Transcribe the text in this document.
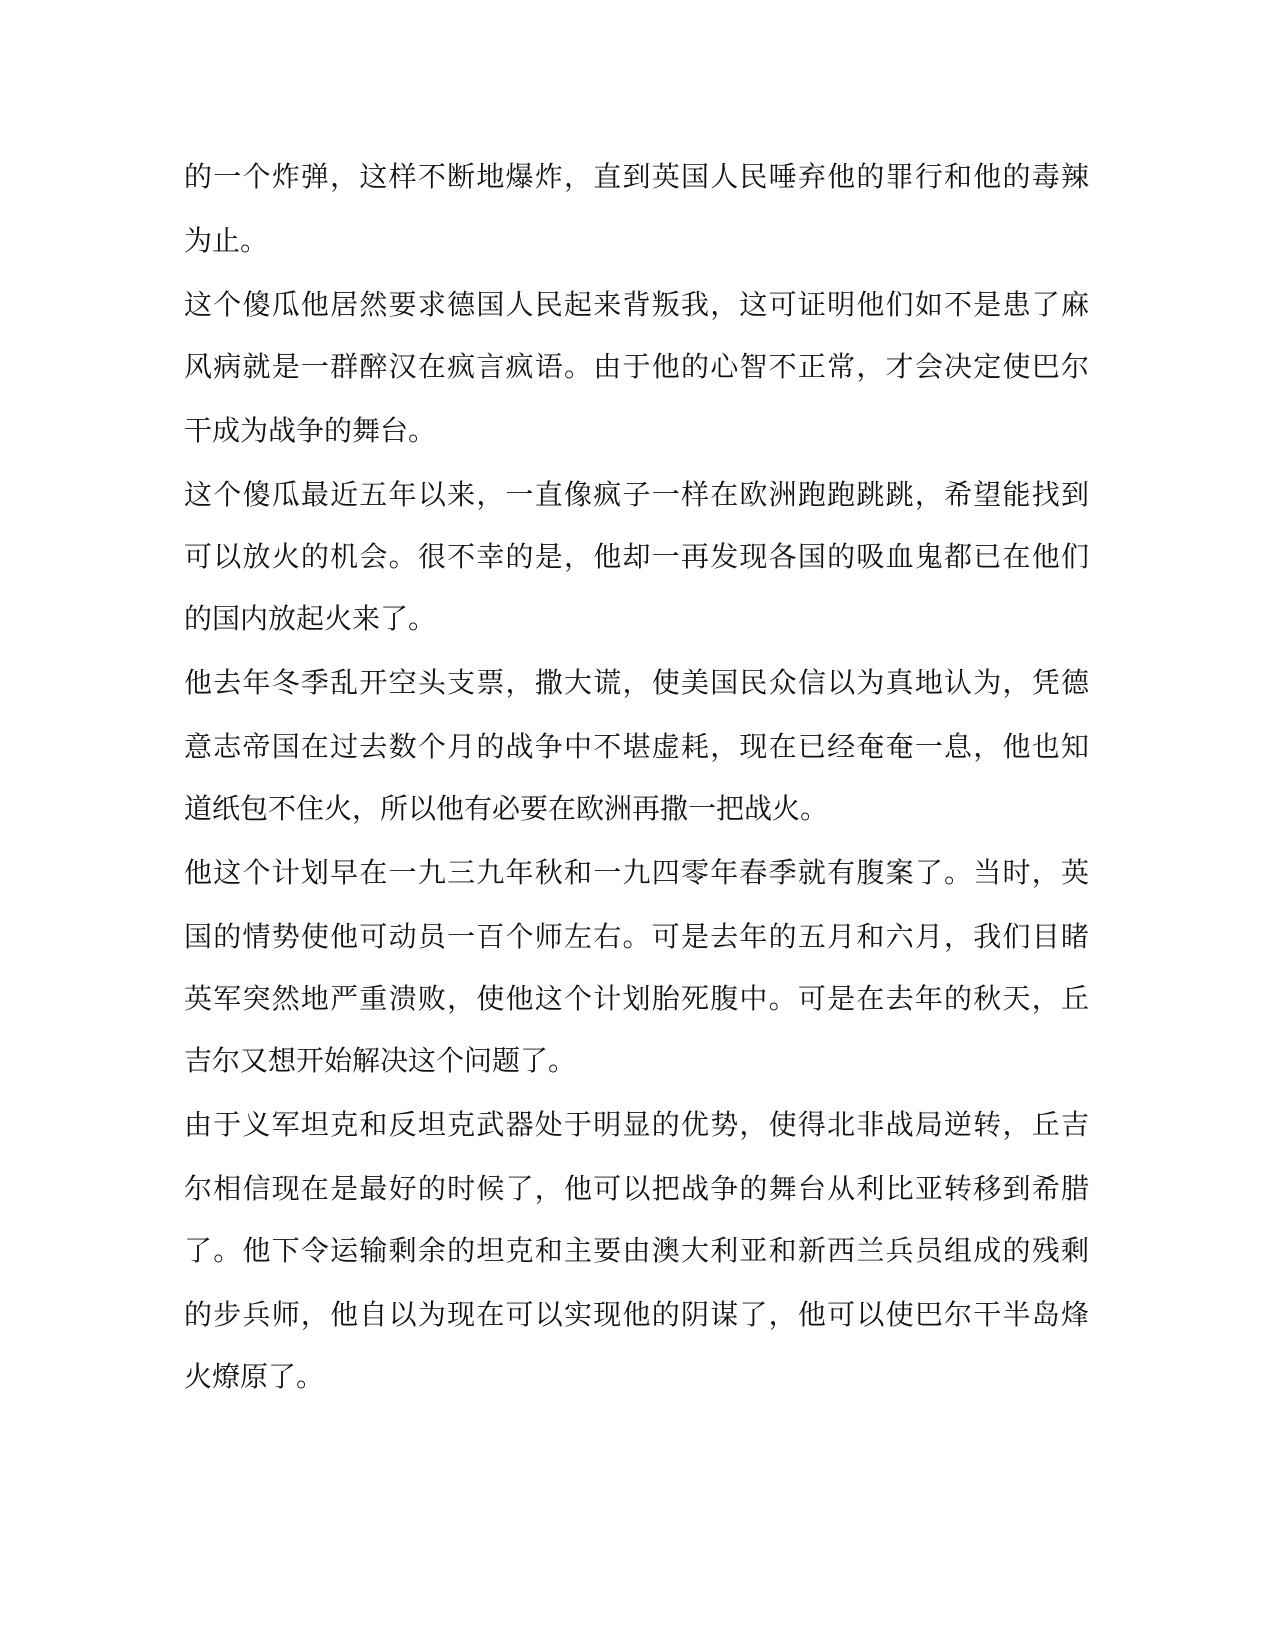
的一个炸弹，这样不断地爆炸，直到英国人民唾弃他的罪行和他的毒辣
为止。
这个傻瓜他居然要求德国人民起来背叛我，这可证明他们如不是患了麻
风病就是一群醉汉在疯言疯语。由于他的心智不正常，才会决定使巴尔
干成为战争的舞台。
这个傻瓜最近五年以来，一直像疯子一样在欧洲跑跑跳跳，希望能找到
可以放火的机会。很不幸的是，他却一再发现各国的吸血鬼都已在他们
的国内放起火来了。
他去年冬季乱开空头支票，撒大谎，使美国民众信以为真地认为，凭德
意志帝国在过去数个月的战争中不堪虚耗，现在已经奄奄一息，他也知
道纸包不住火，所以他有必要在欧洲再撒一把战火。
他这个计划早在一九三九年秋和一九四零年春季就有腹案了。当时，英
国的情势使他可动员一百个师左右。可是去年的五月和六月，我们目睹
英军突然地严重溃败，使他这个计划胎死腹中。可是在去年的秋天，丘
吉尔又想开始解决这个问题了。
由于义军坦克和反坦克武器处于明显的优势，使得北非战局逆转，丘吉
尔相信现在是最好的时候了，他可以把战争的舞台从利比亚转移到希腊
了。他下令运输剩余的坦克和主要由澳大利亚和新西兰兵员组成的残剩
的步兵师，他自以为现在可以实现他的阴谋了，他可以使巴尔干半岛烽
火燎原了。
